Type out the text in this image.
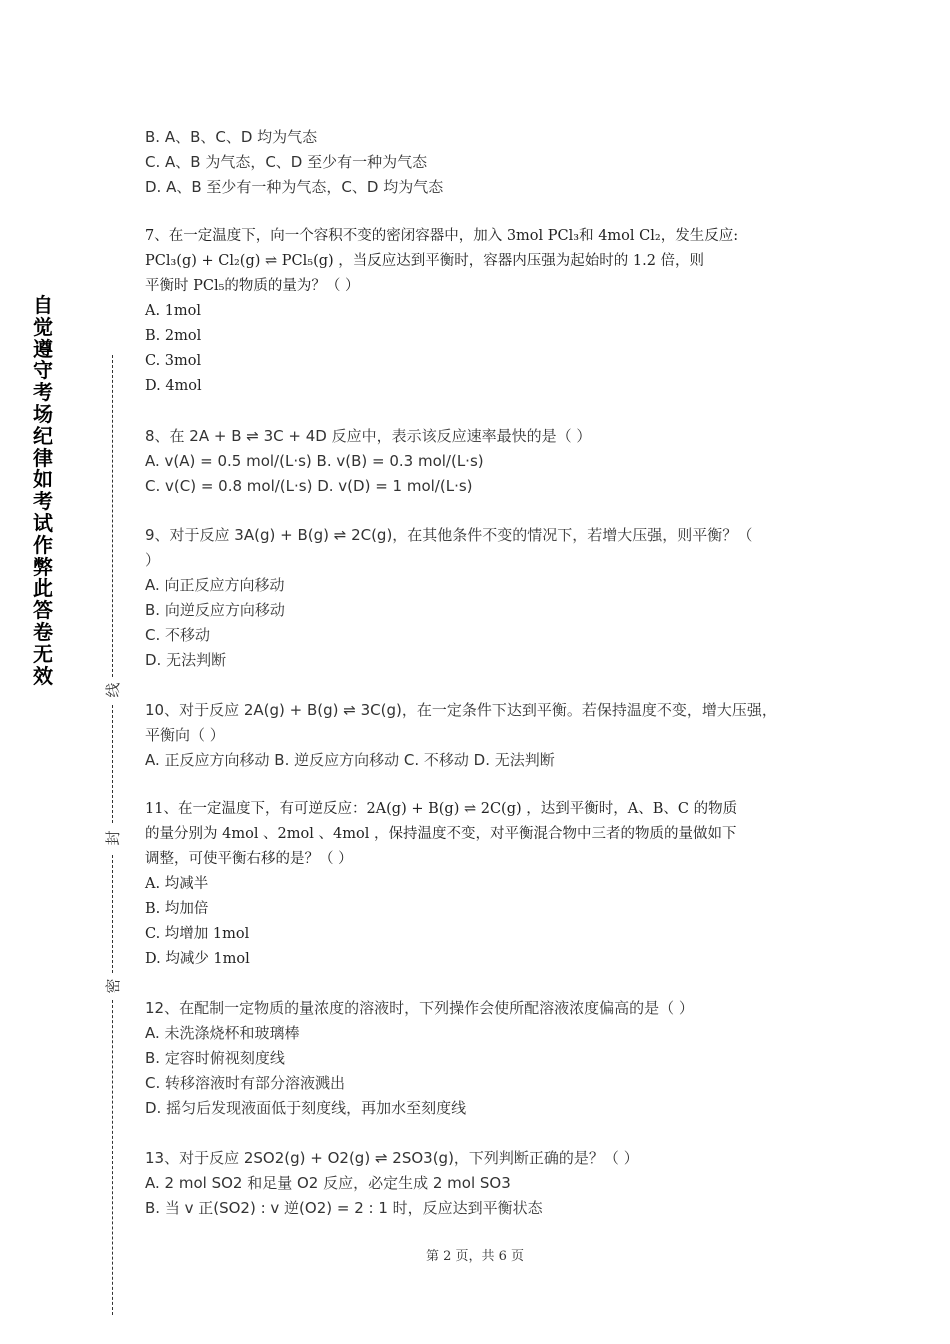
自觉遵守考场纪律如考试作弊此答卷无效
线
封
密
B. A、B、C、D 均为气态
C. A、B 为气态，C、D 至少有一种为气态
D. A、B 至少有一种为气态，C、D 均为气态
7、在一定温度下，向一个容积不变的密闭容器中，加入 3mol PCl₃和 4mol Cl₂，发生反应:
PCl₃(g) + Cl₂(g) ⇌ PCl₅(g) ，当反应达到平衡时，容器内压强为起始时的 1.2 倍，则
平衡时 PCl₅的物质的量为？（ ）
A. 1mol
B. 2mol
C. 3mol
D. 4mol
8、在 2A + B ⇌ 3C + 4D 反应中，表示该反应速率最快的是（ ）
A. v(A) = 0.5 mol/(L·s) B. v(B) = 0.3 mol/(L·s)
C. v(C) = 0.8 mol/(L·s) D. v(D) = 1 mol/(L·s)
9、对于反应 3A(g) + B(g) ⇌ 2C(g)，在其他条件不变的情况下，若增大压强，则平衡？（
）
A. 向正反应方向移动
B. 向逆反应方向移动
C. 不移动
D. 无法判断
10、对于反应 2A(g) + B(g) ⇌ 3C(g)，在一定条件下达到平衡。若保持温度不变，增大压强，
平衡向（ ）
A. 正反应方向移动 B. 逆反应方向移动 C. 不移动 D. 无法判断
11、在一定温度下，有可逆反应：2A(g) + B(g) ⇌ 2C(g) ，达到平衡时，A、B、C 的物质
的量分别为 4mol 、2mol 、4mol ，保持温度不变，对平衡混合物中三者的物质的量做如下
调整，可使平衡右移的是？（ ）
A. 均减半
B. 均加倍
C. 均增加 1mol
D. 均减少 1mol
12、在配制一定物质的量浓度的溶液时，下列操作会使所配溶液浓度偏高的是（ ）
A. 未洗涤烧杯和玻璃棒
B. 定容时俯视刻度线
C. 转移溶液时有部分溶液溅出
D. 摇匀后发现液面低于刻度线，再加水至刻度线
13、对于反应 2SO2(g) + O2(g) ⇌ 2SO3(g)，下列判断正确的是？（ ）
A. 2 mol SO2 和足量 O2 反应，必定生成 2 mol SO3
B. 当 v 正(SO2) : v 逆(O2) = 2 : 1 时，反应达到平衡状态
第 2 页，共 6 页
